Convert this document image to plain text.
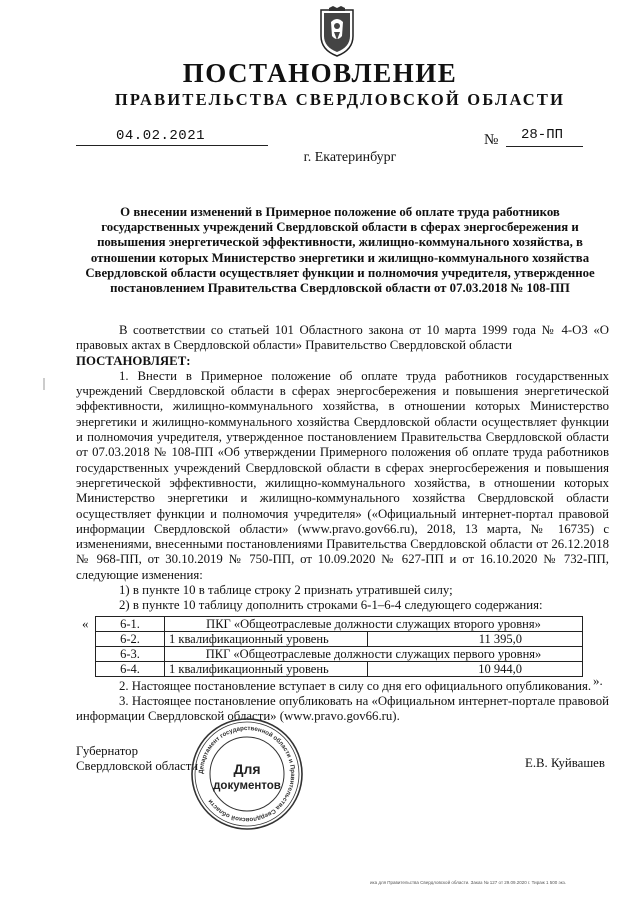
ПОСТАНОВЛЕНИЕ
ПРАВИТЕЛЬСТВА СВЕРДЛОВСКОЙ ОБЛАСТИ
04.02.2021	№ 28-ПП
г. Екатеринбург
О внесении изменений в Примерное положение об оплате труда работников государственных учреждений Свердловской области в сферах энергосбережения и повышения энергетической эффективности, жилищно-коммунального хозяйства, в отношении которых Министерство энергетики и жилищно-коммунального хозяйства Свердловской области осуществляет функции и полномочия учредителя, утвержденное постановлением Правительства Свердловской области от 07.03.2018 № 108-ПП

В соответствии со статьей 101 Областного закона от 10 марта 1999 года № 4-ОЗ «О правовых актах в Свердловской области» Правительство Свердловской области

ПОСТАНОВЛЯЕТ:

1. Внести в Примерное положение об оплате труда работников государственных учреждений Свердловской области в сферах энергосбережения и повышения энергетической эффективности, жилищно-коммунального хозяйства, в отношении которых Министерство энергетики и жилищно-коммунального хозяйства Свердловской области осуществляет функции и полномочия учредителя, утвержденное постановлением Правительства Свердловской области от 07.03.2018 № 108-ПП «Об утверждении Примерного положения об оплате труда работников государственных учреждений Свердловской области в сферах энергосбережения и повышения энергетической эффективности, жилищно-коммунального хозяйства, в отношении которых Министерство энергетики и жилищно-коммунального хозяйства Свердловской области осуществляет функции и полномочия учредителя» («Официальный интернет-портал правовой информации Свердловской области» (www.pravo.gov66.ru), 2018, 13 марта, № 16735) с изменениями, внесенными постановлениями Правительства Свердловской области от 26.12.2018 № 968-ПП, от 30.10.2019 № 750-ПП, от 10.09.2020 № 627-ПП и от 16.10.2020 № 732-ПП, следующие изменения:

1) в пункте 10 в таблице строку 2 признать утратившей силу;

2) в пункте 10 таблицу дополнить строками 6-1–6-4 следующего содержания:

«	6-1.	ПКГ «Общеотраслевые должности служащих второго уровня»	
6-2.	1 квалификационный уровень	11 395,0
6-3.	ПКГ «Общеотраслевые должности служащих первого уровня»	
6-4.	1 квалификационный уровень	10 944,0
».

2. Настоящее постановление вступает в силу со дня его официального опубликования.

3. Настоящее постановление опубликовать на «Официальном интернет-портале правовой информации Свердловской области» (www.pravo.gov66.ru).

Губернатор
Свердловской области	Е.В. Куйвашев
Департамент государственной области и Правительства Свердловской области
Для
документов
ика для Правительства Свердловской области. Заказ № 127 от 29.09.2020 г. Тираж 1 500 экз.
